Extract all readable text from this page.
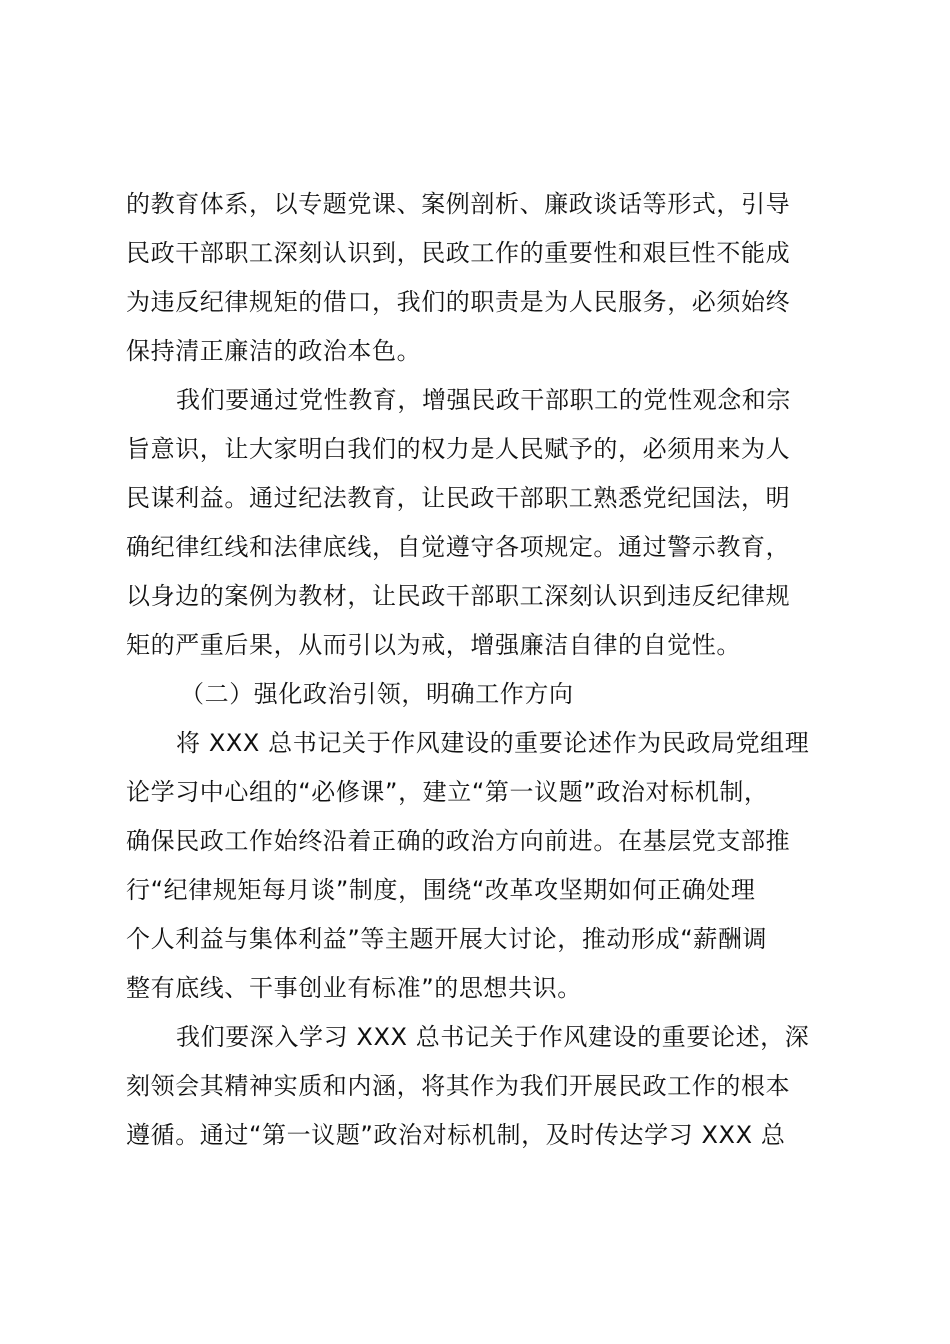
的教育体系，以专题党课、案例剖析、廉政谈话等形式，引导
民政干部职工深刻认识到，民政工作的重要性和艰巨性不能成
为违反纪律规矩的借口，我们的职责是为人民服务，必须始终
保持清正廉洁的政治本色。
我们要通过党性教育，增强民政干部职工的党性观念和宗
旨意识，让大家明白我们的权力是人民赋予的，必须用来为人
民谋利益。通过纪法教育，让民政干部职工熟悉党纪国法，明
确纪律红线和法律底线，自觉遵守各项规定。通过警示教育，
以身边的案例为教材，让民政干部职工深刻认识到违反纪律规
矩的严重后果，从而引以为戒，增强廉洁自律的自觉性。
（二）强化政治引领，明确工作方向
将 XXX 总书记关于作风建设的重要论述作为民政局党组理
论学习中心组的“必修课”，建立“第一议题”政治对标机制，
确保民政工作始终沿着正确的政治方向前进。在基层党支部推
行“纪律规矩每月谈”制度，围绕“改革攻坚期如何正确处理
个人利益与集体利益”等主题开展大讨论，推动形成“薪酬调
整有底线、干事创业有标准”的思想共识。
我们要深入学习 XXX 总书记关于作风建设的重要论述，深
刻领会其精神实质和内涵，将其作为我们开展民政工作的根本
遵循。通过“第一议题”政治对标机制，及时传达学习 XXX 总
